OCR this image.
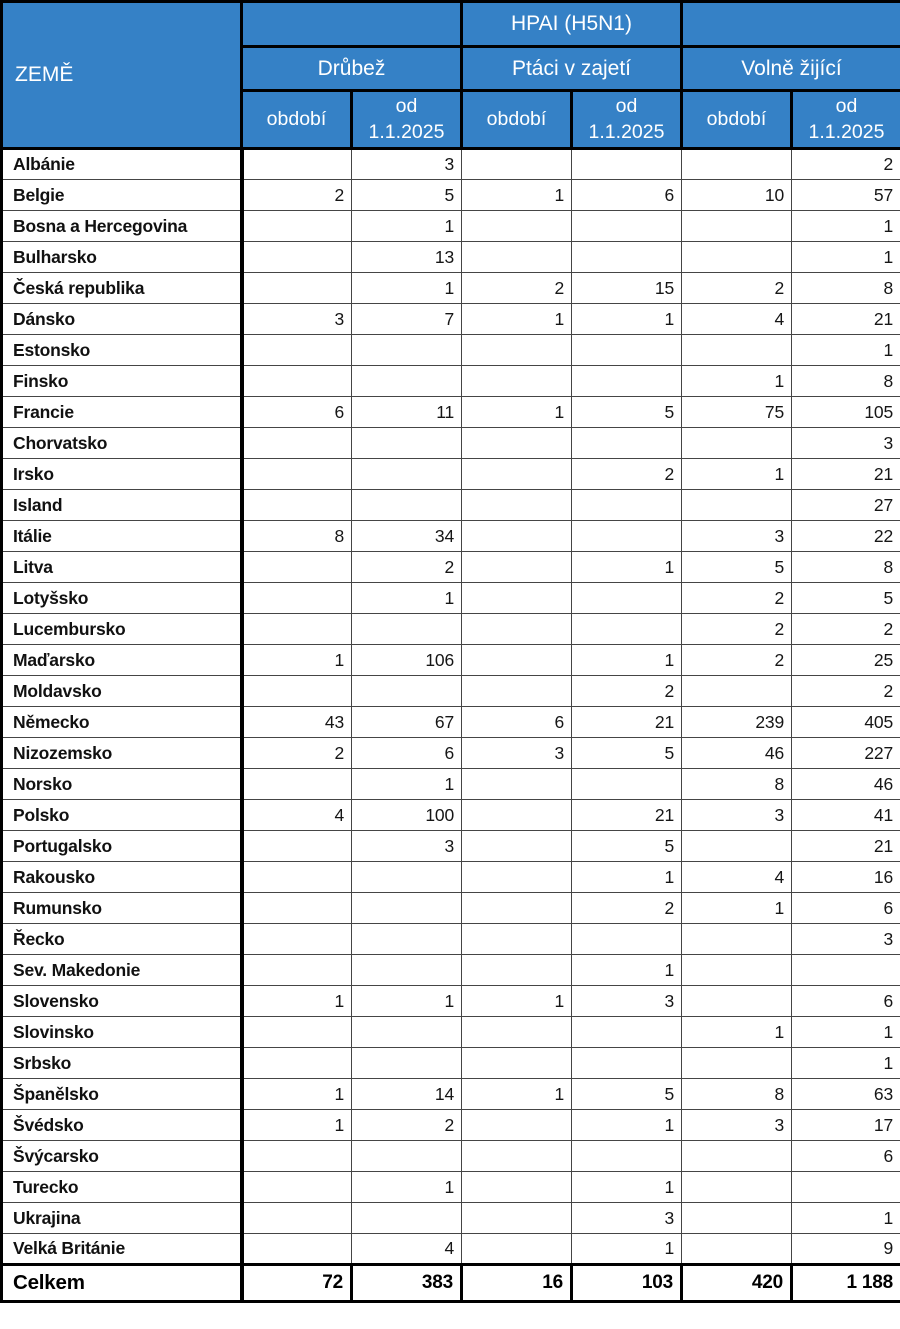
ZEMĚ			HPAI (H5N1)			
	Drůbež		Ptáci v zajetí		Volně žijící	
	období	od 1.1.2025	období	od 1.1.2025	období	od 1.1.2025
Albánie		3				2
Belgie	2	5	1	6	10	57
Bosna a Hercegovina		1				1
Bulharsko		13				1
Česká republika		1	2	15	2	8
Dánsko	3	7	1	1	4	21
Estonsko						1
Finsko					1	8
Francie	6	11	1	5	75	105
Chorvatsko						3
Irsko				2	1	21
Island						27
Itálie	8	34			3	22
Litva		2		1	5	8
Lotyšsko		1			2	5
Lucembursko					2	2
Maďarsko	1	106		1	2	25
Moldavsko				2		2
Německo	43	67	6	21	239	405
Nizozemsko	2	6	3	5	46	227
Norsko		1			8	46
Polsko	4	100		21	3	41
Portugalsko		3		5		21
Rakousko				1	4	16
Rumunsko				2	1	6
Řecko						3
Sev. Makedonie				1		
Slovensko	1	1	1	3		6
Slovinsko					1	1
Srbsko						1
Španělsko	1	14	1	5	8	63
Švédsko	1	2		1	3	17
Švýcarsko						6
Turecko		1		1		
Ukrajina				3		1
Velká Británie		4		1		9
Celkem	72	383	16	103	420	1 188
